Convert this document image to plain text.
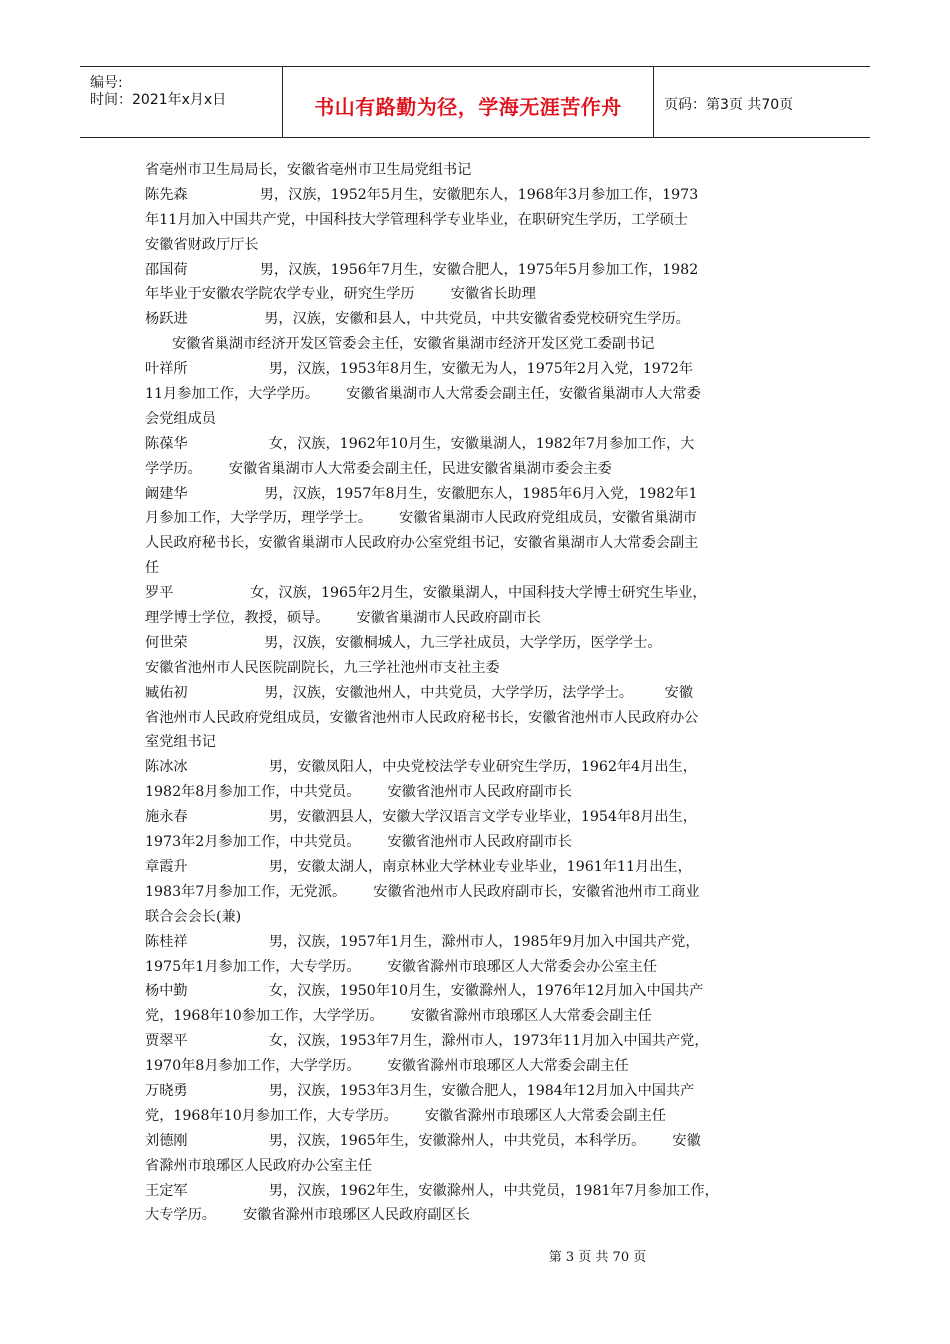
编号:
时间：2021年x月x日	书山有路勤为径，学海无涯苦作舟	页码：第3页 共70页
省亳州市卫生局局长，安徽省亳州市卫生局党组书记
陈先森                男，汉族，1952年5月生，安徽肥东人，1968年3月参加工作，1973
年11月加入中国共产党，中国科技大学管理科学专业毕业，在职研究生学历，工学硕士
安徽省财政厅厅长
邵国荷                男，汉族，1956年7月生，安徽合肥人，1975年5月参加工作，1982
年毕业于安徽农学院农学专业，研究生学历        安徽省长助理
杨跃进                 男，汉族，安徽和县人，中共党员，中共安徽省委党校研究生学历。
安徽省巢湖市经济开发区管委会主任，安徽省巢湖市经济开发区党工委副书记
叶祥所                  男，汉族，1953年8月生，安徽无为人，1975年2月入党，1972年
11月参加工作，大学学历。      安徽省巢湖市人大常委会副主任，安徽省巢湖市人大常委
会党组成员
陈葆华                  女，汉族，1962年10月生，安徽巢湖人，1982年7月参加工作，大
学学历。      安徽省巢湖市人大常委会副主任，民进安徽省巢湖市委会主委
阚建华                 男，汉族，1957年8月生，安徽肥东人，1985年6月入党，1982年1
月参加工作，大学学历，理学学士。      安徽省巢湖市人民政府党组成员，安徽省巢湖市
人民政府秘书长，安徽省巢湖市人民政府办公室党组书记，安徽省巢湖市人大常委会副主
任
罗平                 女，汉族，1965年2月生，安徽巢湖人，中国科技大学博士研究生毕业，
理学博士学位，教授，硕导。      安徽省巢湖市人民政府副市长
何世荣                 男，汉族，安徽桐城人，九三学社成员，大学学历，医学学士。
安徽省池州市人民医院副院长，九三学社池州市支社主委
臧佑初                 男，汉族，安徽池州人，中共党员，大学学历，法学学士。       安徽
省池州市人民政府党组成员，安徽省池州市人民政府秘书长，安徽省池州市人民政府办公
室党组书记
陈冰冰                  男，安徽凤阳人，中央党校法学专业研究生学历，1962年4月出生，
1982年8月参加工作，中共党员。      安徽省池州市人民政府副市长
施永春                  男，安徽泗县人，安徽大学汉语言文学专业毕业，1954年8月出生，
1973年2月参加工作，中共党员。      安徽省池州市人民政府副市长
章霞升                  男，安徽太湖人，南京林业大学林业专业毕业，1961年11月出生，
1983年7月参加工作，无党派。      安徽省池州市人民政府副市长，安徽省池州市工商业
联合会会长(兼)
陈桂祥                  男，汉族，1957年1月生，滁州市人，1985年9月加入中国共产党，
1975年1月参加工作，大专学历。      安徽省滁州市琅琊区人大常委会办公室主任
杨中勤                  女，汉族，1950年10月生，安徽滁州人，1976年12月加入中国共产
党，1968年10参加工作，大学学历。      安徽省滁州市琅琊区人大常委会副主任
贾翠平                  女，汉族，1953年7月生，滁州市人，1973年11月加入中国共产党，
1970年8月参加工作，大学学历。      安徽省滁州市琅琊区人大常委会副主任
万晓勇                  男，汉族，1953年3月生，安徽合肥人，1984年12月加入中国共产
党，1968年10月参加工作，大专学历。      安徽省滁州市琅琊区人大常委会副主任
刘德刚                  男，汉族，1965年生，安徽滁州人，中共党员，本科学历。      安徽
省滁州市琅琊区人民政府办公室主任
王定军                  男，汉族，1962年生，安徽滁州人，中共党员，1981年7月参加工作，
大专学历。      安徽省滁州市琅琊区人民政府副区长
第 3 页 共 70 页
